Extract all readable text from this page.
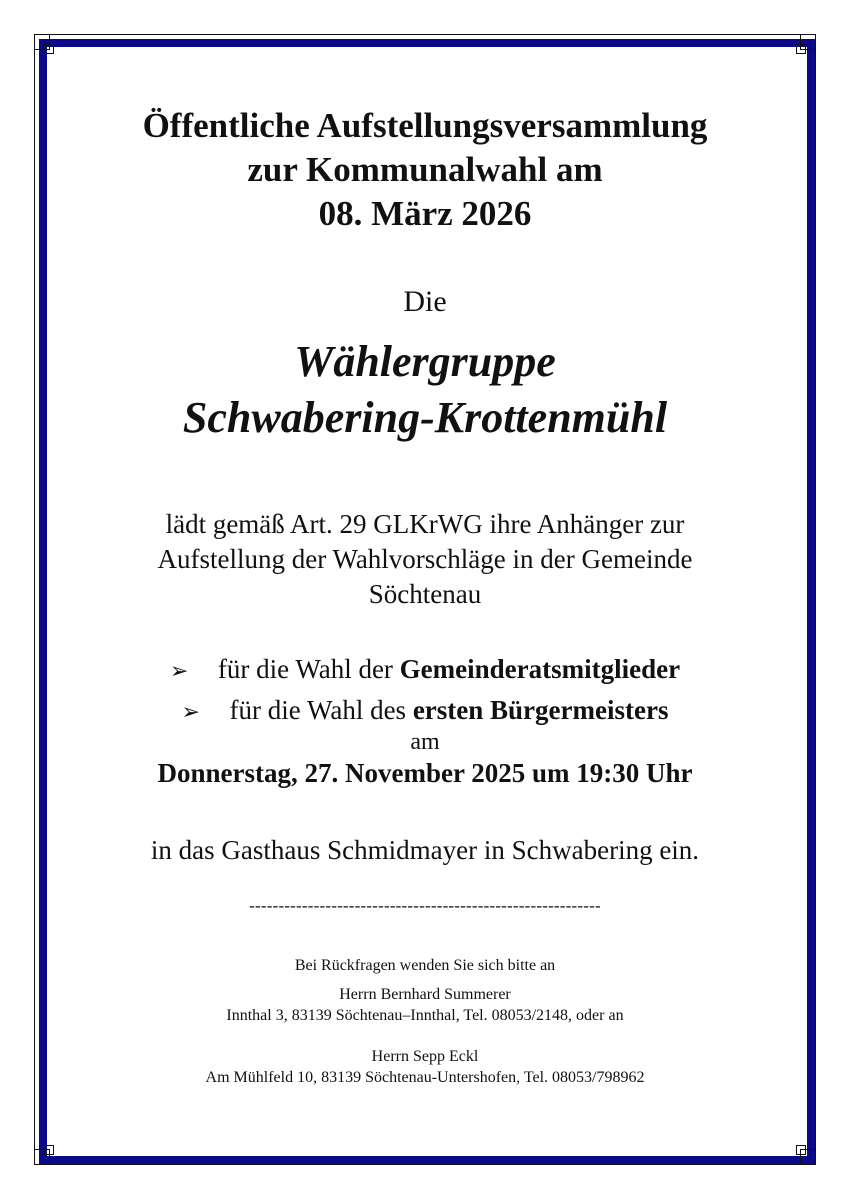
Öffentliche Aufstellungsversammlung
zur Kommunalwahl am
08. März 2026
Die
Wählergruppe
Schwabering-Krottenmühl
lädt gemäß Art. 29 GLKrWG ihre Anhänger zur
Aufstellung der Wahlvorschläge in der Gemeinde
Söchtenau
➢ für die Wahl der Gemeinderatsmitglieder
➢ für die Wahl des ersten Bürgermeisters
am
Donnerstag, 27. November 2025 um 19:30 Uhr
in das Gasthaus Schmidmayer in Schwabering ein.
------------------------------------------------------------
Bei Rückfragen wenden Sie sich bitte an
Herrn Bernhard Summerer
Innthal 3, 83139 Söchtenau–Innthal, Tel. 08053/2148, oder an
Herrn Sepp Eckl
Am Mühlfeld 10, 83139 Söchtenau-Untershofen, Tel. 08053/798962
